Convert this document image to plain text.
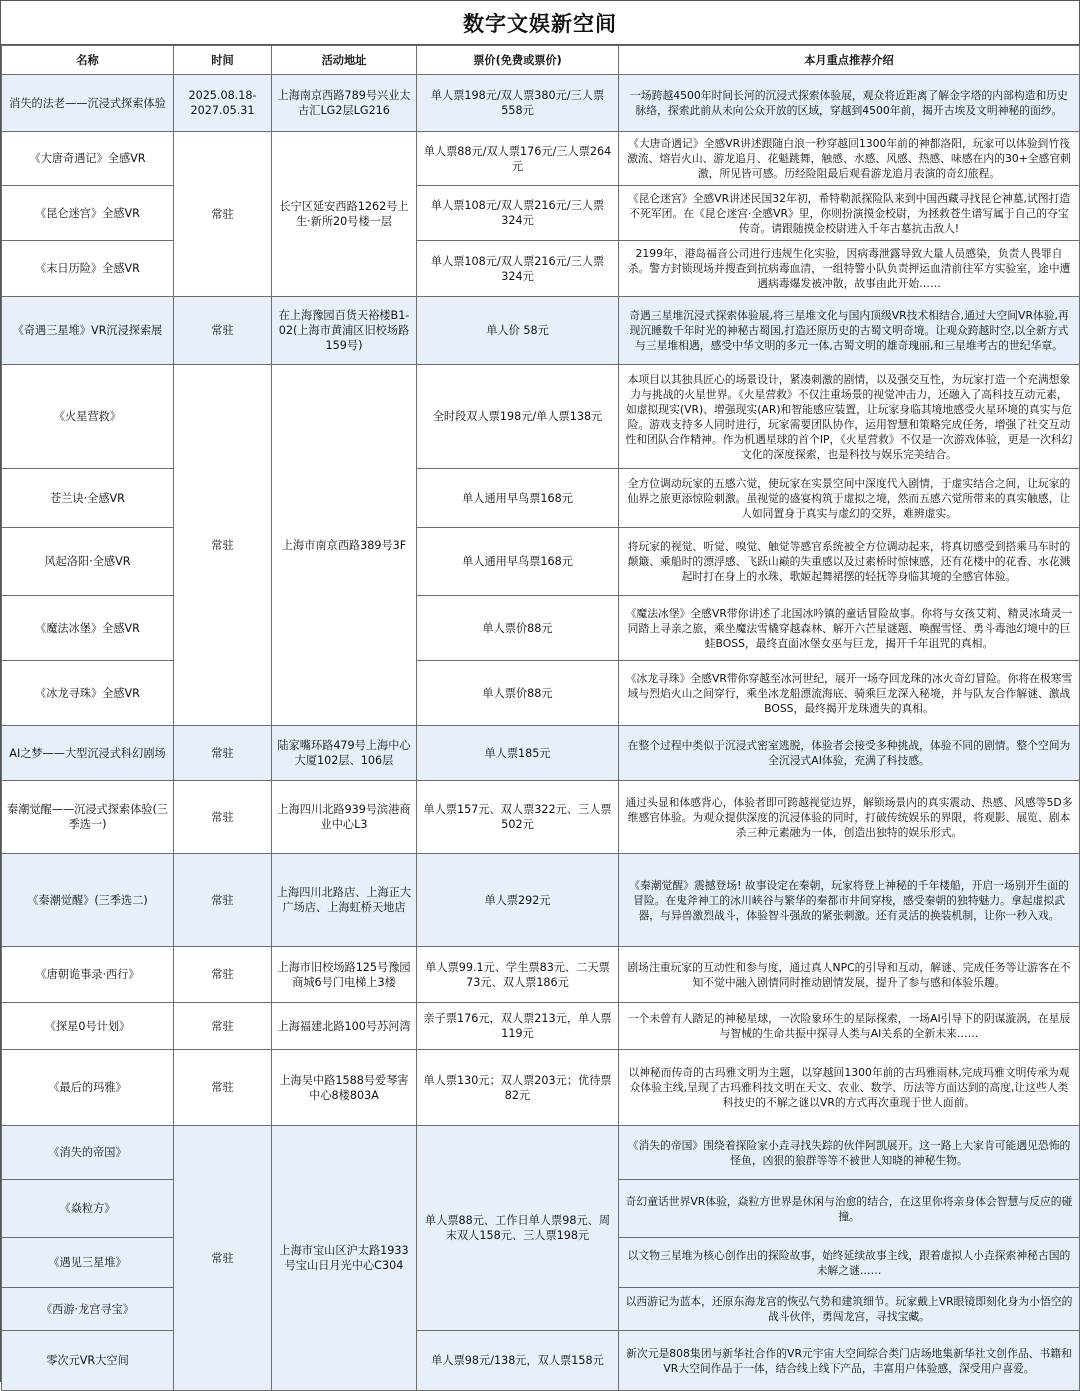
数字文娱新空间
名称	时间	活动地址	票价(免费或票价)	本月重点推荐介绍
消失的法老——沉浸式探索体验	2025.08.18-2027.05.31	上海南京西路789号兴业太古汇LG2层LG216	单人票198元/双人票380元/三人票558元	一场跨越4500年时间长河的沉浸式探索体验展，观众将近距离了解金字塔的内部构造和历史脉络，探索此前从未向公众开放的区域，穿越到4500年前，揭开古埃及文明神秘的面纱。
《大唐奇遇记》全感VR	常驻	长宁区延安西路1262号上生·新所20号楼一层	单人票88元/双人票176元/三人票264元	《大唐奇遇记》全感VR讲述跟随白浪一秒穿越回1300年前的神都洛阳，玩家可以体验到竹筏激流、熔岩火山、游龙追月、花魁跳舞，触感、水感、风感、热感、味感在内的30+全感官刺激，所见皆可感。历经险阻最后观看游龙追月表演的奇幻旅程。
《昆仑迷宫》全感VR			单人票108元/双人票216元/三人票324元	《昆仑迷宫》全感VR讲述民国32年初，希特勒派探险队来到中国西藏寻找昆仑神墓,试图打造不死军团。在《昆仑迷宫·全感VR》里，你则扮演摸金校尉，为拯救苍生谱写属于自己的夺宝传奇。请跟随摸金校尉进入千年古墓抗击敌人!
《末日历险》全感VR			单人票108元/双人票216元/三人票324元	2199年，港岛福音公司进行违规生化实验，因病毒泄露导致大量人员感染，负责人畏罪自杀。警方封锁现场并搜查到抗病毒血清，一组特警小队负责押运血清前往军方实验室，途中遭遇病毒爆发被冲散，故事由此开始……
《奇遇三星堆》VR沉浸探索展	常驻	在上海豫园百货天裕楼B1-02(上海市黄浦区旧校场路159号)	单人价 58元	奇遇三星堆沉浸式探索体验展,将三星堆文化与国内顶级VR技术相结合,通过大空间VR体验,再现沉睡数千年时光的神秘古蜀国,打造还原历史的古蜀文明奇境。让观众跨越时空,以全新方式与三星堆相遇，感受中华文明的多元一体,古蜀文明的雄奇瑰丽,和三星堆考古的世纪华章。
《火星营救》	常驻	上海市南京西路389号3F	全时段双人票198元/单人票138元	本项目以其独具匠心的场景设计，紧凑刺激的剧情，以及强交互性，为玩家打造一个充满想象力与挑战的火星世界。《火星营救》不仅注重场景的视觉冲击力，还融入了高科技互动元素，如虚拟现实(VR)、增强现实(AR)和智能感应装置，让玩家身临其境地感受火星环境的真实与危险。游戏支持多人同时进行，玩家需要团队协作，运用智慧和策略完成任务，增强了社交互动性和团队合作精神。作为机遇星球的首个IP，《火星营救》不仅是一次游戏体验，更是一次科幻文化的深度探索，也是科技与娱乐完美结合。
苍兰诀·全感VR			单人通用早鸟票168元	全方位调动玩家的五感六觉，使玩家在实景空间中深度代入剧情，于虚实结合之间，让玩家的仙界之旅更添惊险刺激。虽视觉的盛宴构筑于虚拟之境，然而五感六觉所带来的真实触感，让人如同置身于真实与虚幻的交界，难辨虚实。
风起洛阳·全感VR			单人通用早鸟票168元	将玩家的视觉、听觉、嗅觉、触觉等感官系统被全方位调动起来，将真切感受到搭乘马车时的颠簸、乘船时的漂浮感、飞跃山巅的失重感以及过素桥时惊悚感，还有花楼中的花香、水花溅起时打在身上的水珠、歌姬起舞裙摆的轻抚等身临其境的全感官体验。
《魔法冰堡》全感VR			单人票价88元	《魔法冰堡》全感VR带你讲述了北国冰吟镇的童话冒险故事。你将与女孩艾莉、精灵冰琦灵一同踏上寻亲之旅，乘坐魔法雪橇穿越森林、解开六芒星谜题、唤醒雪怪、勇斗毒池幻境中的巨蛙BOSS，最终直面冰堡女巫与巨龙，揭开千年诅咒的真相。
《冰龙寻珠》全感VR			单人票价88元	《冰龙寻珠》全感VR带你穿越至冰河世纪，展开一场夺回龙珠的冰火奇幻冒险。你将在极寒雪域与烈焰火山之间穿行，乘坐冰龙船漂流海底、骑乘巨龙深入秘境，并与队友合作解谜、激战BOSS，最终揭开龙珠遗失的真相。
AI之梦——大型沉浸式科幻剧场	常驻	陆家嘴环路479号上海中心大厦102层、106层	单人票185元	在整个过程中类似于沉浸式密室逃脱，体验者会接受多种挑战，体验不同的剧情。整个空间为全沉浸式AI体验，充满了科技感。
秦潮觉醒——沉浸式探索体验(三季选一)	常驻	上海四川北路939号滨港商业中心L3	单人票157元、双人票322元、三人票502元	通过头显和体感背心，体验者即可跨越视觉边界，解锁场景内的真实震动、热感、风感等5D多维感官体验。为观众提供深度的沉浸体验的同时，打破传统娱乐的界限，将观影、展览、剧本杀三种元素融为一体，创造出独特的娱乐形式。
《秦潮觉醒》(三季选二)	常驻	上海四川北路店、上海正大广场店、上海虹桥天地店	单人票292元	《秦潮觉醒》震撼登场! 故事设定在秦朝，玩家将登上神秘的千年楼船，开启一场别开生面的冒险。在鬼斧神工的冰川峡谷与繁华的秦都市井间穿梭，感受秦朝的独特魅力。拿起虚拟武器，与异兽激烈战斗，体验智斗强敌的紧张刺激。还有灵活的换装机制，让你一秒入戏。
《唐朝诡事录·西行》	常驻	上海市旧校场路125号豫园商城6号门电梯上3楼	单人票99.1元、学生票83元、二天票73元、双人票186元	剧场注重玩家的互动性和参与度，通过真人NPC的引导和互动，解谜、完成任务等让游客在不知不觉中融入剧情同时推动剧情发展，提升了参与感和体验乐趣。
《探星0号计划》	常驻	上海福建北路100号苏河湾	亲子票176元，双人票213元，单人票119元	一个未曾有人踏足的神秘星球，一次险象环生的星际探索，一场AI引导下的阴谋漩涡，在星辰与智械的生命共振中探寻人类与AI关系的全新未来……
《最后的玛雅》	常驻	上海吴中路1588号爱琴害中心8楼803A	单人票130元；双人票203元；优待票82元	以神秘而传奇的古玛雅文明为主题，以穿越回1300年前的古玛雅雨林,完成玛雅文明传承为观众体验主线,呈现了古玛雅科技文明在天文、农业、数学、历法等方面达到的高度,让这些人类科技史的不解之谜以VR的方式再次重现于世人面前。
《消失的帝国》	常驻	上海市宝山区沪太路1933号宝山日月光中心C304	单人票88元、工作日单人票98元、周末双人158元、三人票198元	《消失的帝国》围绕着探险家小垚寻找失踪的伙伴阿凯展开。这一路上大家肯可能遇见恐怖的怪鱼，凶狠的狼群等等不被世人知晓的神秘生物。
《焱粒方》				奇幻童话世界VR体验，焱粒方世界是休闲与治愈的结合，在这里你将亲身体会智慧与反应的碰撞。
《遇见三星堆》				以文物三星堆为核心创作出的探险故事，始终延续故事主线，跟着虚拟人小垚探索神秘古国的未解之谜……
《西游·龙宫寻宝》				以西游记为蓝本，还原东海龙宫的恢弘气势和建筑细节。玩家戴上VR眼镜即刻化身为小悟空的战斗伙伴，勇闯龙宫，寻找宝藏。
零次元VR大空间			单人票98元/138元，双人票158元	新次元是808集团与新华社合作的VR元宇宙大空间综合类门店场地集新华社文创作品、书籍和VR大空间作品于一体，结合线上线下产品，丰富用户体验感，深受用户喜爱。
